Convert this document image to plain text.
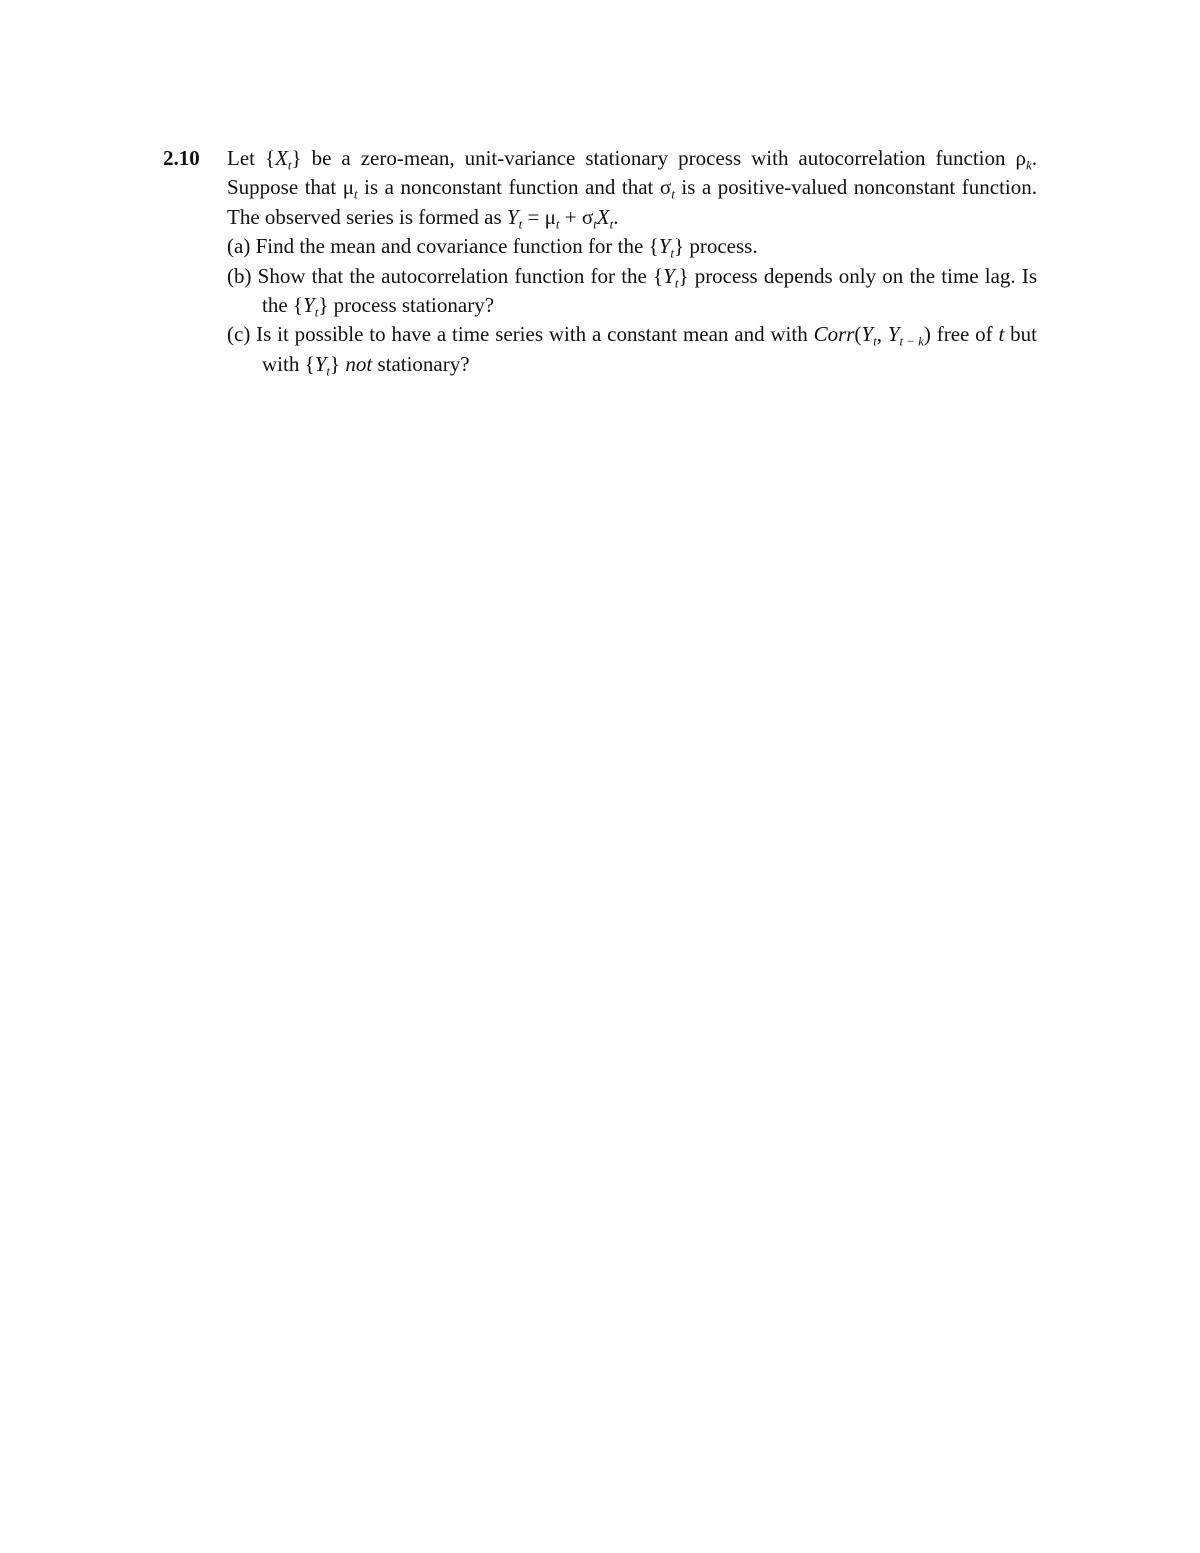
2.10 Let $\{X_t\}$ be a zero-mean, unit-variance stationary process with autocorrelation function $\rho_k$. Suppose that $\mu_t$ is a nonconstant function and that $\sigma_t$ is a positive-valued nonconstant function. The observed series is formed as $Y_t = \mu_t + \sigma_tX_t$.

(a) Find the mean and covariance function for the $\{Y_t\}$ process.

(b) Show that the autocorrelation function for the $\{Y_t\}$ process depends only on the time lag. Is the $\{Y_t\}$ process stationary?

(c) Is it possible to have a time series with a constant mean and with $Corr(Y_t$, $Y_{t - k}$) free of t but with $\{Y_t\}$ not stationary?
